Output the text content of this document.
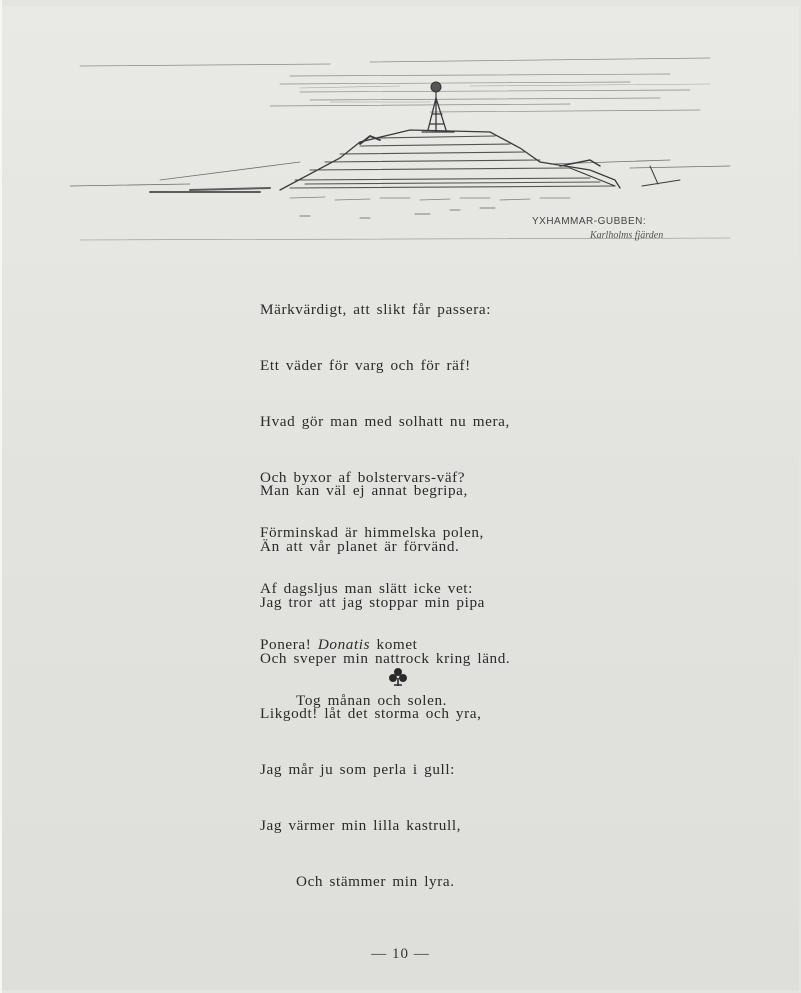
YXHAMMAR-GUBBEN:
Karlholms fjärden

Märkvärdigt, att slikt får passera:

Ett väder för varg och för räf!

Hvad gör man med solhatt nu mera,

Och byxor af bolstervars-väf?

Förminskad är himmelska polen,

Af dagsljus man slätt icke vet:

Ponera! Donatis komet

Tog månan och solen.

Man kan väl ej annat begripa,

Än att vår planet är förvänd.

Jag tror att jag stoppar min pipa

Och sveper min nattrock kring länd.

Likgodt! låt det storma och yra,

Jag mår ju som perla i gull:

Jag värmer min lilla kastrull,

Och stämmer min lyra.

— 10 —
